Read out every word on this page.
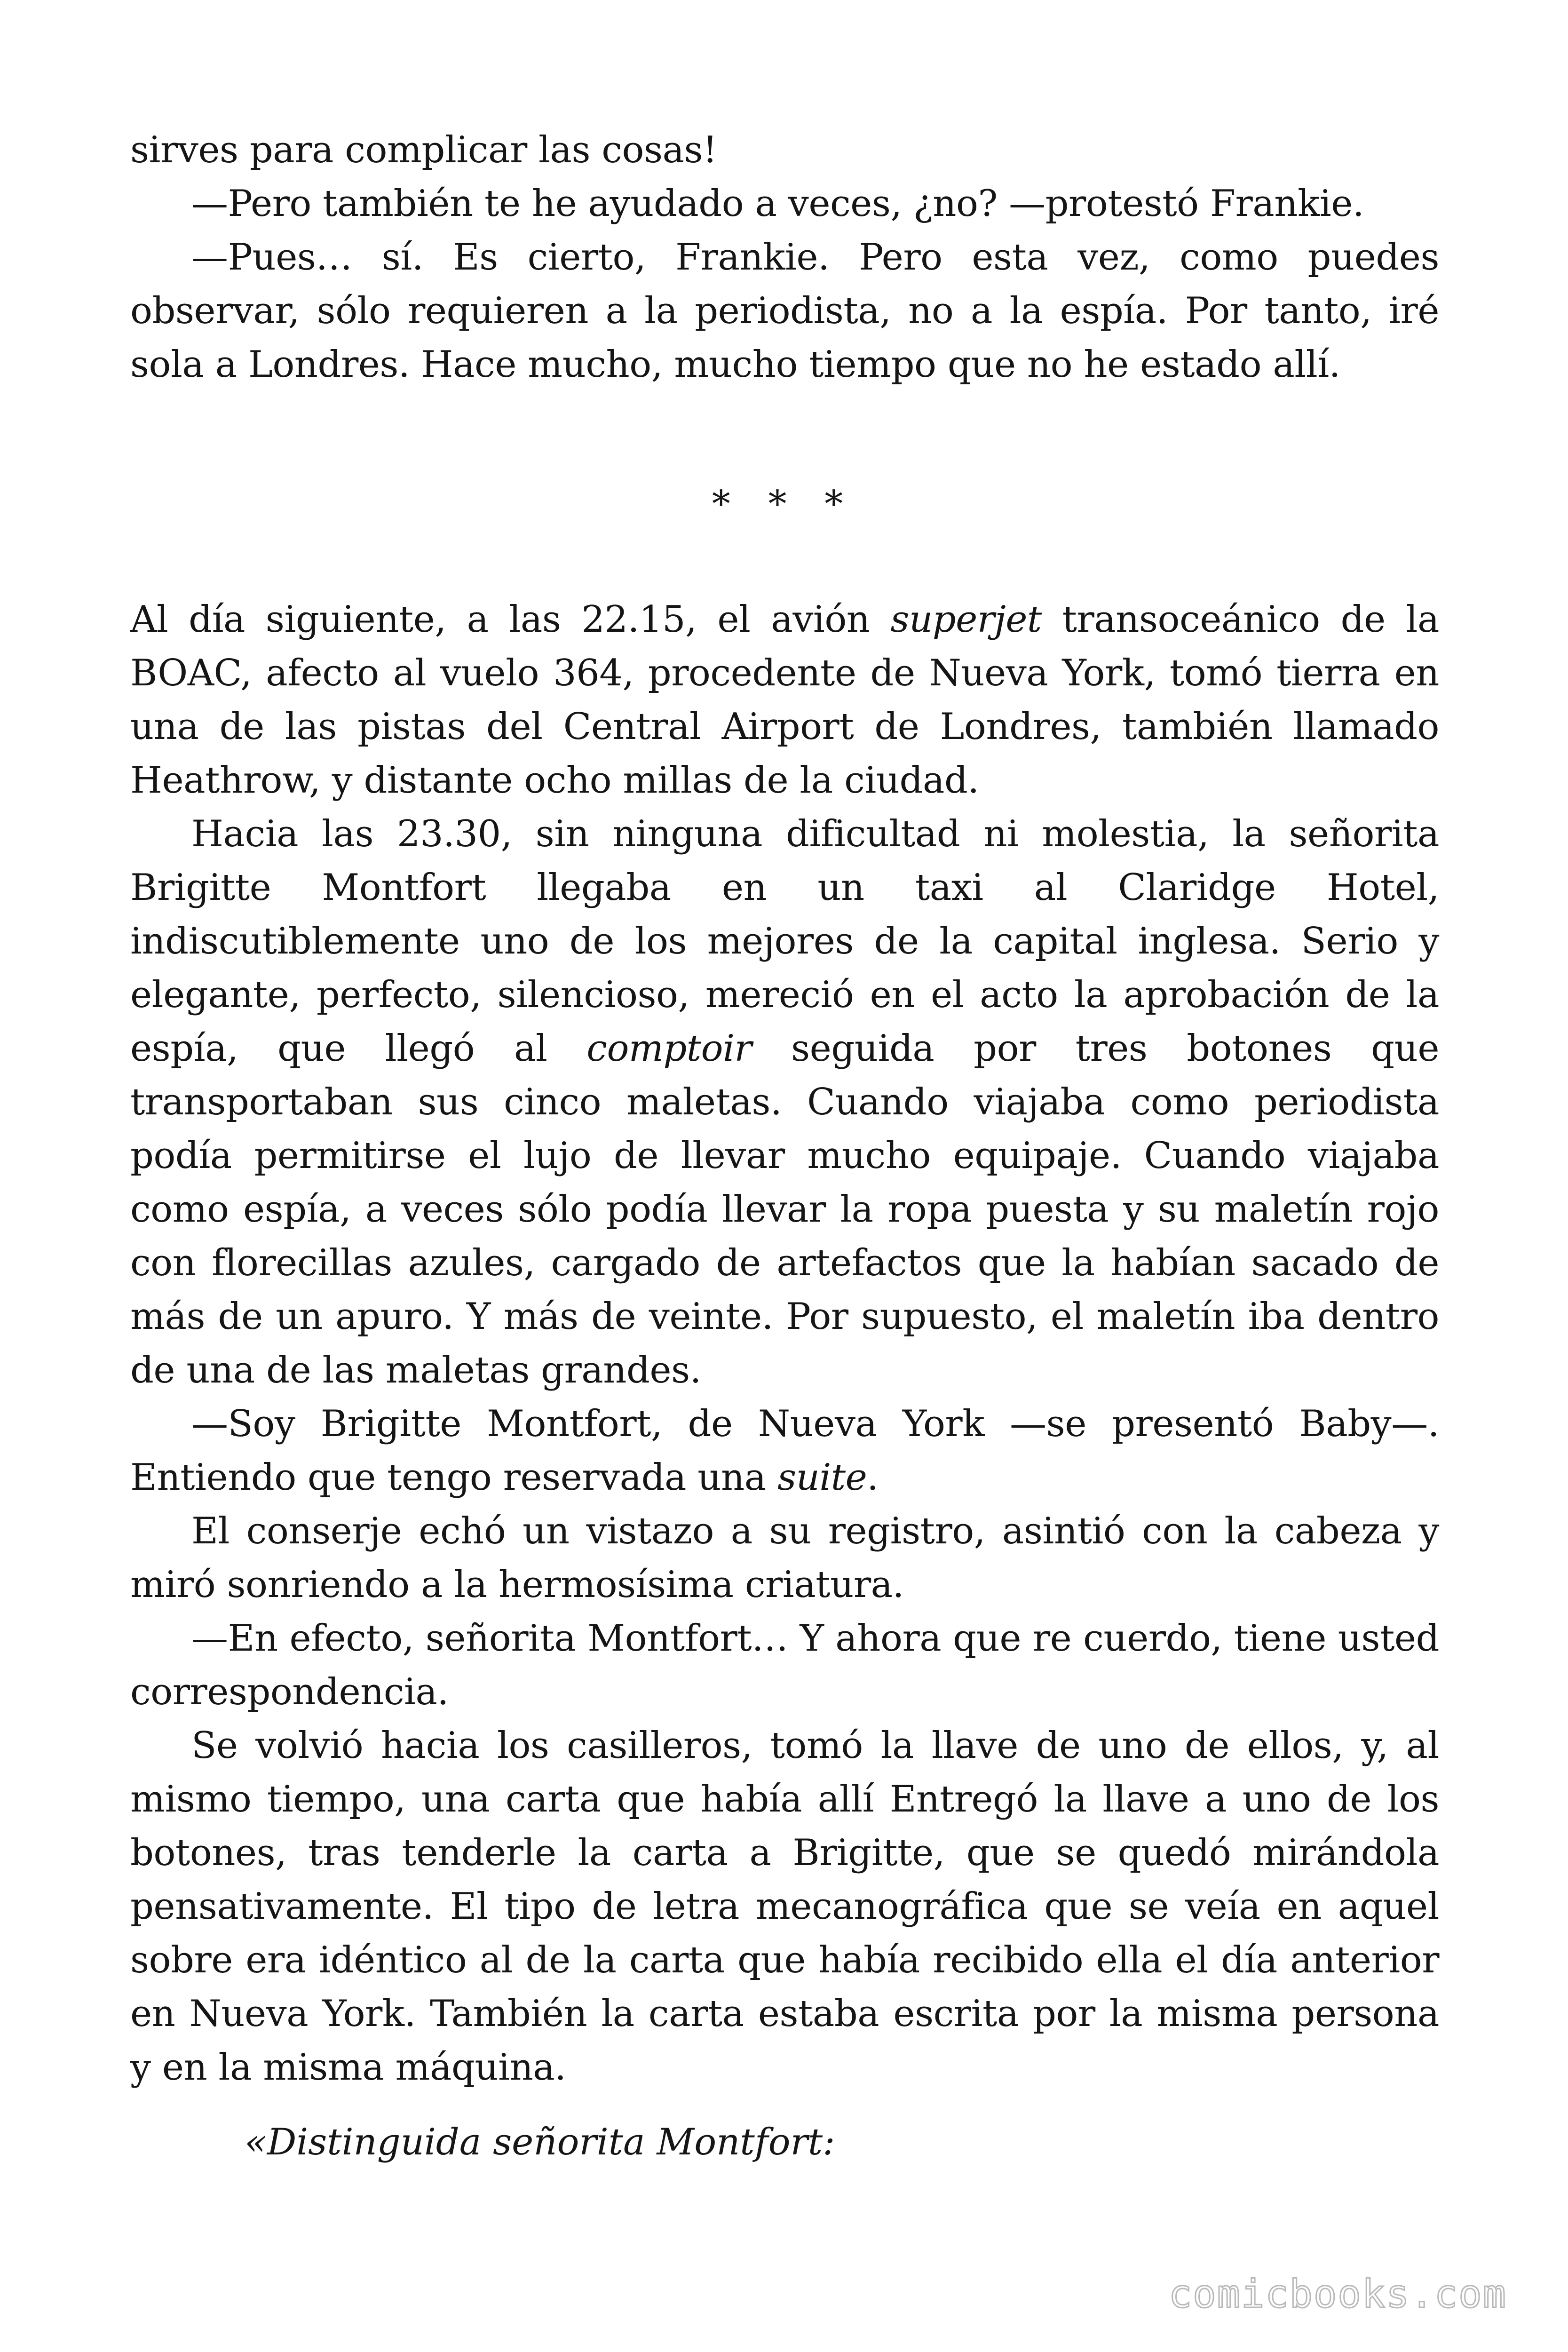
sirves para complicar las cosas!

—Pero también te he ayudado a veces, ¿no? —protestó Frankie.

—Pues… sí. Es cierto, Frankie. Pero esta vez, como puedes observar, sólo requieren a la periodista, no a la espía. Por tanto, iré sola a Londres. Hace mucho, mucho tiempo que no he estado allí.

* * *

Al día siguiente, a las 22.15, el avión superjet transoceánico de la BOAC, afecto al vuelo 364, procedente de Nueva York, tomó tierra en una de las pistas del Central Airport de Londres, también llamado Heathrow, y distante ocho millas de la ciudad.

Hacia las 23.30, sin ninguna dificultad ni molestia, la señorita Brigitte Montfort llegaba en un taxi al Claridge Hotel, indiscutiblemente uno de los mejores de la capital inglesa. Serio y elegante, perfecto, silencioso, mereció en el acto la aprobación de la espía, que llegó al comptoir seguida por tres botones que transportaban sus cinco maletas. Cuando viajaba como periodista podía permitirse el lujo de llevar mucho equipaje. Cuando viajaba como espía, a veces sólo podía llevar la ropa puesta y su maletín rojo con florecillas azules, cargado de artefactos que la habían sacado de más de un apuro. Y más de veinte. Por supuesto, el maletín iba dentro de una de las maletas grandes.

—Soy Brigitte Montfort, de Nueva York —se presentó Baby—. Entiendo que tengo reservada una suite.

El conserje echó un vistazo a su registro, asintió con la cabeza y miró sonriendo a la hermosísima criatura.

—En efecto, señorita Montfort… Y ahora que re cuerdo, tiene usted correspondencia.

Se volvió hacia los casilleros, tomó la llave de uno de ellos, y, al mismo tiempo, una carta que había allí Entregó la llave a uno de los botones, tras tenderle la carta a Brigitte, que se quedó mirándola pensativamente. El tipo de letra mecanográfica que se veía en aquel sobre era idéntico al de la carta que había recibido ella el día anterior en Nueva York. También la carta estaba escrita por la misma persona y en la misma máquina.

«Distinguida señorita Montfort:
comicbooks.com
